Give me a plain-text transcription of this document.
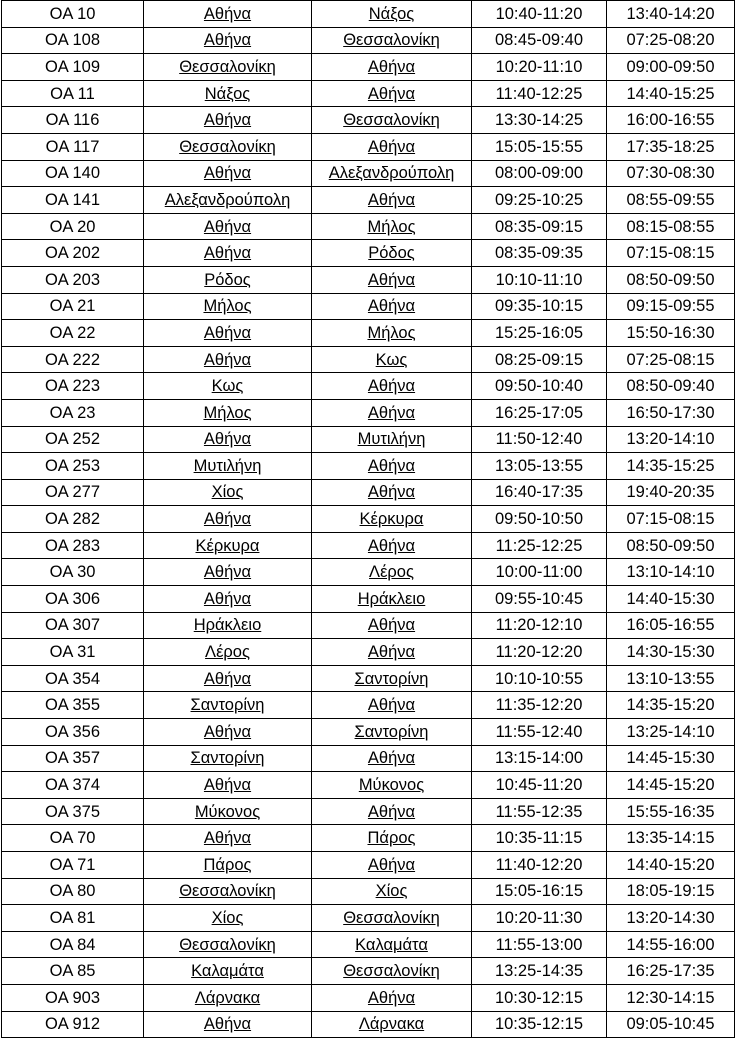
OA 10	Αθήνα	Νάξος	10:40-11:20	13:40-14:20
OA 108	Αθήνα	Θεσσαλονίκη	08:45-09:40	07:25-08:20
OA 109	Θεσσαλονίκη	Αθήνα	10:20-11:10	09:00-09:50
OA 11	Νάξος	Αθήνα	11:40-12:25	14:40-15:25
OA 116	Αθήνα	Θεσσαλονίκη	13:30-14:25	16:00-16:55
OA 117	Θεσσαλονίκη	Αθήνα	15:05-15:55	17:35-18:25
OA 140	Αθήνα	Αλεξανδρούπολη	08:00-09:00	07:30-08:30
OA 141	Αλεξανδρούπολη	Αθήνα	09:25-10:25	08:55-09:55
OA 20	Αθήνα	Μήλος	08:35-09:15	08:15-08:55
OA 202	Αθήνα	Ρόδος	08:35-09:35	07:15-08:15
OA 203	Ρόδος	Αθήνα	10:10-11:10	08:50-09:50
OA 21	Μήλος	Αθήνα	09:35-10:15	09:15-09:55
OA 22	Αθήνα	Μήλος	15:25-16:05	15:50-16:30
OA 222	Αθήνα	Κως	08:25-09:15	07:25-08:15
OA 223	Κως	Αθήνα	09:50-10:40	08:50-09:40
OA 23	Μήλος	Αθήνα	16:25-17:05	16:50-17:30
OA 252	Αθήνα	Μυτιλήνη	11:50-12:40	13:20-14:10
OA 253	Μυτιλήνη	Αθήνα	13:05-13:55	14:35-15:25
OA 277	Χίος	Αθήνα	16:40-17:35	19:40-20:35
OA 282	Αθήνα	Κέρκυρα	09:50-10:50	07:15-08:15
OA 283	Κέρκυρα	Αθήνα	11:25-12:25	08:50-09:50
OA 30	Αθήνα	Λέρος	10:00-11:00	13:10-14:10
OA 306	Αθήνα	Ηράκλειο	09:55-10:45	14:40-15:30
OA 307	Ηράκλειο	Αθήνα	11:20-12:10	16:05-16:55
OA 31	Λέρος	Αθήνα	11:20-12:20	14:30-15:30
OA 354	Αθήνα	Σαντορίνη	10:10-10:55	13:10-13:55
OA 355	Σαντορίνη	Αθήνα	11:35-12:20	14:35-15:20
OA 356	Αθήνα	Σαντορίνη	11:55-12:40	13:25-14:10
OA 357	Σαντορίνη	Αθήνα	13:15-14:00	14:45-15:30
OA 374	Αθήνα	Μύκονος	10:45-11:20	14:45-15:20
OA 375	Μύκονος	Αθήνα	11:55-12:35	15:55-16:35
OA 70	Αθήνα	Πάρος	10:35-11:15	13:35-14:15
OA 71	Πάρος	Αθήνα	11:40-12:20	14:40-15:20
OA 80	Θεσσαλονίκη	Χίος	15:05-16:15	18:05-19:15
OA 81	Χίος	Θεσσαλονίκη	10:20-11:30	13:20-14:30
OA 84	Θεσσαλονίκη	Καλαμάτα	11:55-13:00	14:55-16:00
OA 85	Καλαμάτα	Θεσσαλονίκη	13:25-14:35	16:25-17:35
OA 903	Λάρνακα	Αθήνα	10:30-12:15	12:30-14:15
OA 912	Αθήνα	Λάρνακα	10:35-12:15	09:05-10:45
